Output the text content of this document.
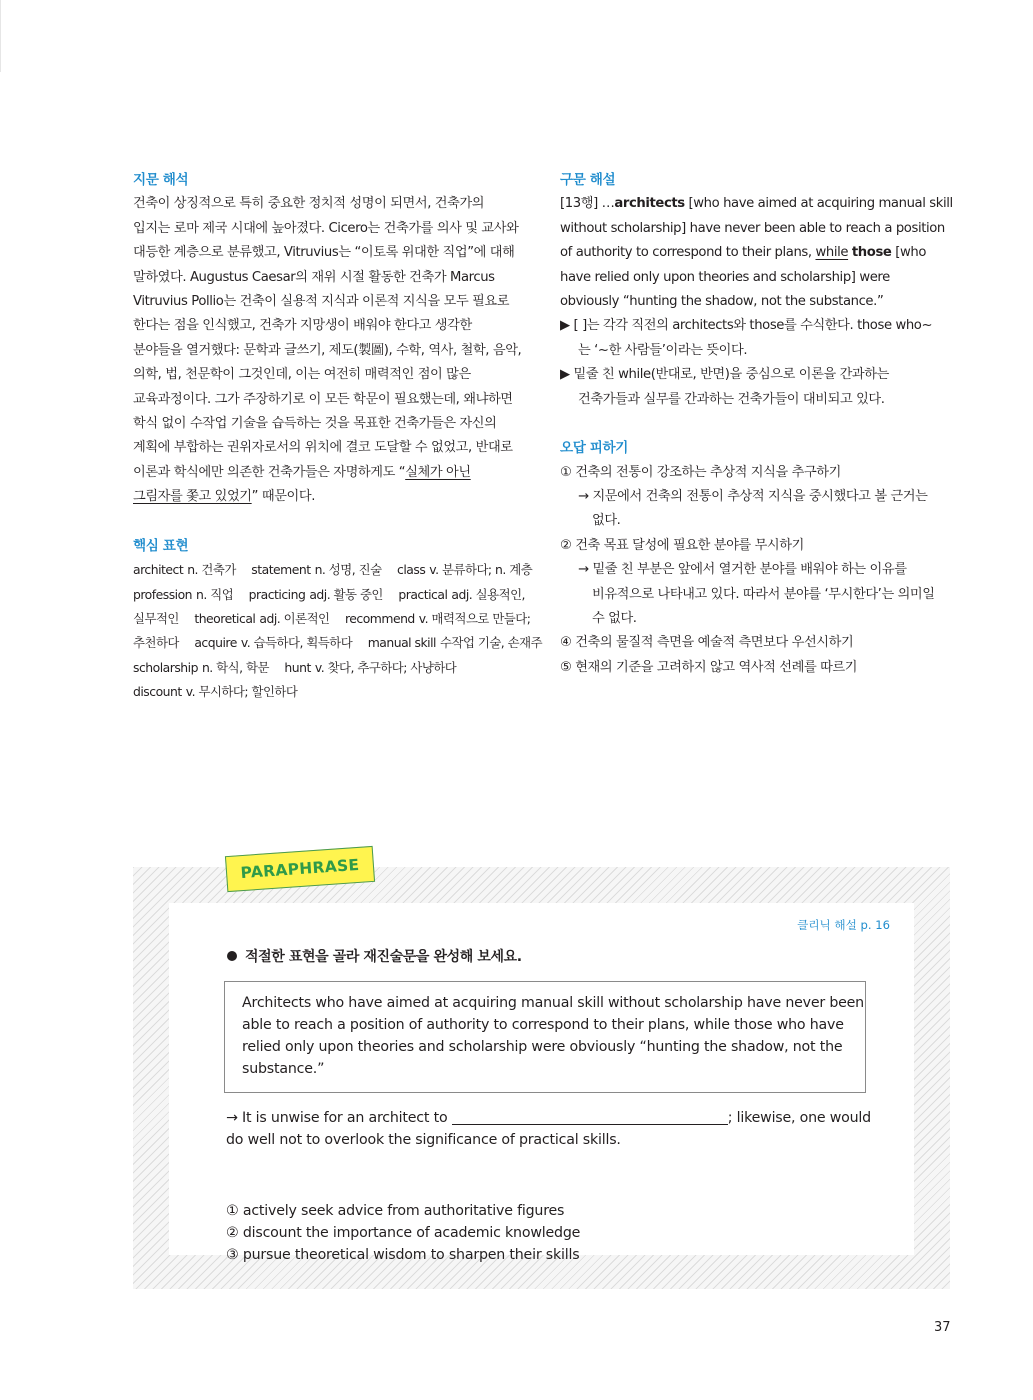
지문 해석
건축이 상징적으로 특히 중요한 정치적 성명이 되면서, 건축가의
입지는 로마 제국 시대에 높아졌다. Cicero는 건축가를 의사 및 교사와
대등한 계층으로 분류했고, Vitruvius는 “이토록 위대한 직업”에 대해
말하였다. Augustus Caesar의 재위 시절 활동한 건축가 Marcus
Vitruvius Pollio는 건축이 실용적 지식과 이론적 지식을 모두 필요로
한다는 점을 인식했고, 건축가 지망생이 배워야 한다고 생각한
분야들을 열거했다: 문학과 글쓰기, 제도(製圖), 수학, 역사, 철학, 음악,
의학, 법, 천문학이 그것인데, 이는 여전히 매력적인 점이 많은
교육과정이다. 그가 주장하기로 이 모든 학문이 필요했는데, 왜냐하면
학식 없이 수작업 기술을 습득하는 것을 목표한 건축가들은 자신의
계획에 부합하는 권위자로서의 위치에 결코 도달할 수 없었고, 반대로
이론과 학식에만 의존한 건축가들은 자명하게도 “실체가 아닌
그림자를 쫓고 있었기” 때문이다.
핵심 표현
architect n. 건축가 statement n. 성명, 진술 class v. 분류하다; n. 계층
profession n. 직업 practicing adj. 활동 중인 practical adj. 실용적인,
실무적인 theoretical adj. 이론적인 recommend v. 매력적으로 만들다;
추천하다 acquire v. 습득하다, 획득하다 manual skill 수작업 기술, 손재주
scholarship n. 학식, 학문 hunt v. 찾다, 추구하다; 사냥하다
discount v. 무시하다; 할인하다
구문 해설
[13행] …architects [who have aimed at acquiring manual skill
without scholarship] have never been able to reach a position
of authority to correspond to their plans, while those [who
have relied only upon theories and scholarship] were
obviously “hunting the shadow, not the substance.”
▶ [ ]는 각각 직전의 architects와 those를 수식한다. those who~
는 ‘~한 사람들’이라는 뜻이다.
▶ 밑줄 친 while(반대로, 반면)을 중심으로 이론을 간과하는
건축가들과 실무를 간과하는 건축가들이 대비되고 있다.
오답 피하기
① 건축의 전통이 강조하는 추상적 지식을 추구하기
→ 지문에서 건축의 전통이 추상적 지식을 중시했다고 볼 근거는
없다.
② 건축 목표 달성에 필요한 분야를 무시하기
→ 밑줄 친 부분은 앞에서 열거한 분야를 배워야 하는 이유를
비유적으로 나타내고 있다. 따라서 분야를 ‘무시한다’는 의미일
수 없다.
④ 건축의 물질적 측면을 예술적 측면보다 우선시하기
⑤ 현재의 기준을 고려하지 않고 역사적 선례를 따르기
클리닉 해설 p. 16
적절한 표현을 골라 재진술문을 완성해 보세요.
Architects who have aimed at acquiring manual skill without scholarship have never been
able to reach a position of authority to correspond to their plans, while those who have
relied only upon theories and scholarship were obviously “hunting the shadow, not the
substance.”
→ It is unwise for an architect to	; likewise, one would
do well not to overlook the significance of practical skills.
① actively seek advice from authoritative figures
② discount the importance of academic knowledge
③ pursue theoretical wisdom to sharpen their skills
PARAPHRASE
37
